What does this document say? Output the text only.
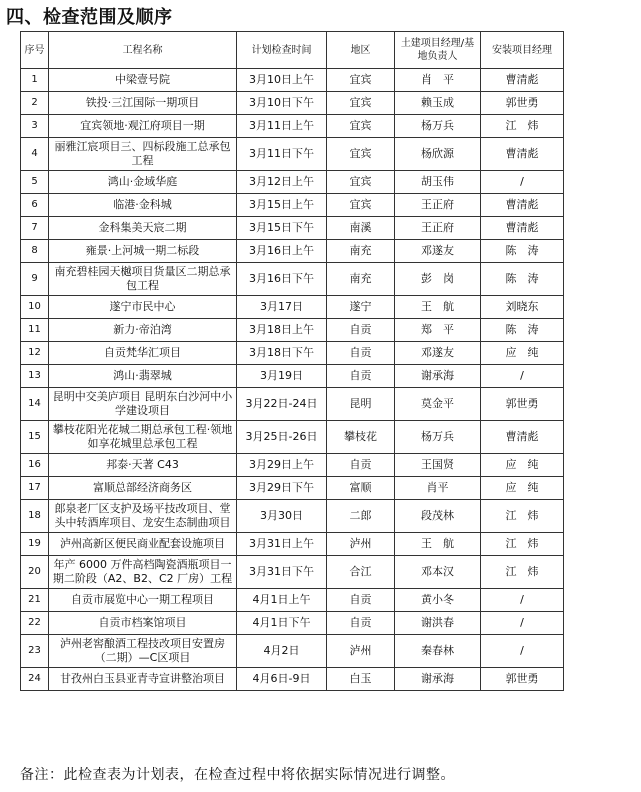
四、检查范围及顺序
序号	工程名称	计划检查时间	地区	土建项目经理/基地负责人	安装项目经理
1	中梁壹号院	3月10日上午	宜宾	肖　平	曹清彪
2	铁投·三江国际一期项目	3月10日下午	宜宾	赖玉成	郭世勇
3	宜宾领地·观江府项目一期	3月11日上午	宜宾	杨万兵	江　炜
4	丽雅江宸项目三、四标段施工总承包工程	3月11日下午	宜宾	杨欣源	曹清彪
5	鸿山·金域华庭	3月12日上午	宜宾	胡玉伟	/
6	临港·金科城	3月15日上午	宜宾	王正府	曹清彪
7	金科集美天宸二期	3月15日下午	南溪	王正府	曹清彪
8	雍景·上河城一期二标段	3月16日上午	南充	邓遂友	陈　涛
9	南充碧桂园天樾项目货量区二期总承包工程	3月16日下午	南充	彭　岗	陈　涛
10	遂宁市民中心	3月17日	遂宁	王　航	刘晓东
11	新力·帝泊湾	3月18日上午	自贡	郑　平	陈　涛
12	自贡梵华汇项目	3月18日下午	自贡	邓遂友	应　纯
13	鸿山·翡翠城	3月19日	自贡	谢承海	/
14	昆明中交美庐项目 昆明东白沙河中小学建设项目	3月22日-24日	昆明	莫金平	郭世勇
15	攀枝花阳光花城二期总承包工程·领地如享花城里总承包工程	3月25日-26日	攀枝花	杨万兵	曹清彪
16	邦泰·天著 C43	3月29日上午	自贡	王国贤	应　纯
17	富顺总部经济商务区	3月29日下午	富顺	肖平	应　纯
18	郎泉老厂区支护及场平技改项目、堂头中转酒库项目、龙安生态制曲项目	3月30日	二郎	段茂林	江　炜
19	泸州高新区便民商业配套设施项目	3月31日上午	泸州	王　航	江　炜
20	年产 6000 万件高档陶瓷酒瓶项目一期二阶段（A2、B2、C2 厂房）工程	3月31日下午	合江	邓本汉	江　炜
21	自贡市展览中心一期工程项目	4月1日上午	自贡	黄小冬	/
22	自贡市档案馆项目	4月1日下午	自贡	谢洪春	/
23	泸州老窖酿酒工程技改项目安置房（二期）—C区项目	4月2日	泸州	秦春林	/
24	甘孜州白玉县亚青寺宣讲整治项目	4月6日-9日	白玉	谢承海	郭世勇
备注：此检查表为计划表，在检查过程中将依据实际情况进行调整。
